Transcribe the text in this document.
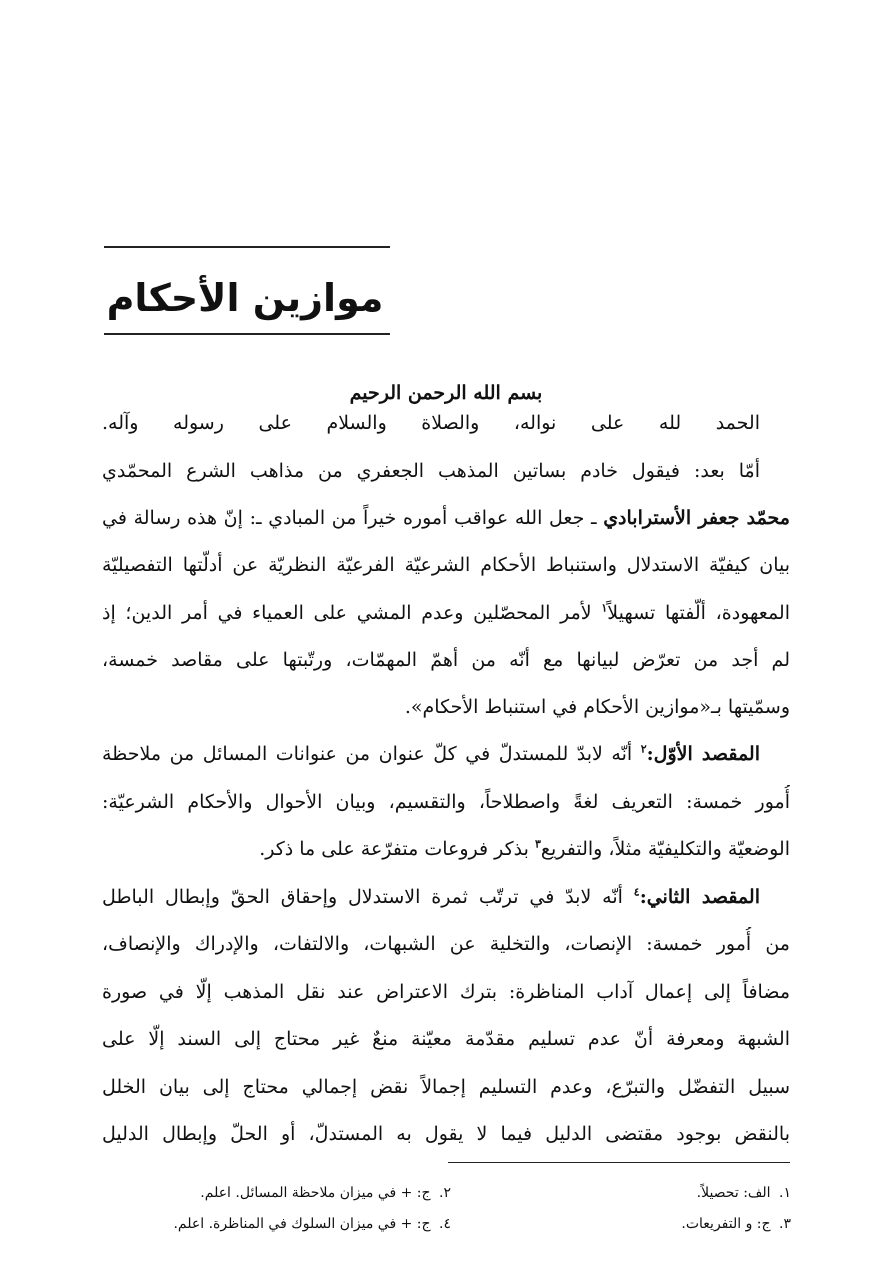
موازين الأحكام
بسم الله الرحمن الرحيم
الحمد لله على نواله، والصلاة والسلام على رسوله وآله.
أمّا بعد: فيقول خادم بساتين المذهب الجعفري من مذاهب الشرع المحمّدي
محمّد جعفر الأسترابادي ـ جعل الله عواقب أموره خيراً من المبادي ـ: إنّ هذه رسالة في
بيان كيفيّة الاستدلال واستنباط الأحكام الشرعيّة الفرعيّة النظريّة عن أدلّتها التفصيليّة
المعهودة، ألّفتها تسهيلاً$^١$ لأمر المحصّلين وعدم المشي على العمياء في أمر الدين؛ إذ
لم أجد من تعرّض لبيانها مع أنّه من أهمّ المهمّات، ورتّبتها على مقاصد خمسة،
وسمّيتها بـ«موازين الأحكام في استنباط الأحكام».
المقصد الأوّل:$^٢$ أنّه لابدّ للمستدلّ في كلّ عنوان من عنوانات المسائل من ملاحظة
أُمور خمسة: التعريف لغةً واصطلاحاً، والتقسيم، وبيان الأحوال والأحكام الشرعيّة:
الوضعيّة والتكليفيّة مثلاً، والتفريع$^٣$ بذكر فروعات متفرّعة على ما ذكر.
المقصد الثاني:$^٤$ أنّه لابدّ في ترتّب ثمرة الاستدلال وإحقاق الحقّ وإبطال الباطل
من أُمور خمسة: الإنصات، والتخلية عن الشبهات، والالتفات، والإدراك والإنصاف،
مضافاً إلى إعمال آداب المناظرة: بترك الاعتراض عند نقل المذهب إلّا في صورة
الشبهة ومعرفة أنّ عدم تسليم مقدّمة معيّنة منعٌ غير محتاج إلى السند إلّا على
سبيل التفضّل والتبرّع، وعدم التسليم إجمالاً نقض إجمالي محتاج إلى بيان الخلل
بالنقض بوجود مقتضى الدليل فيما لا يقول به المستدلّ، أو الحلّ وإبطال الدليل
١. الف: تحصيلاً.
٢. ج: + في ميزان ملاحظة المسائل. اعلم.
٣. ج: و التفريعات.
٤. ج: + في ميزان السلوك في المناظرة. اعلم.
